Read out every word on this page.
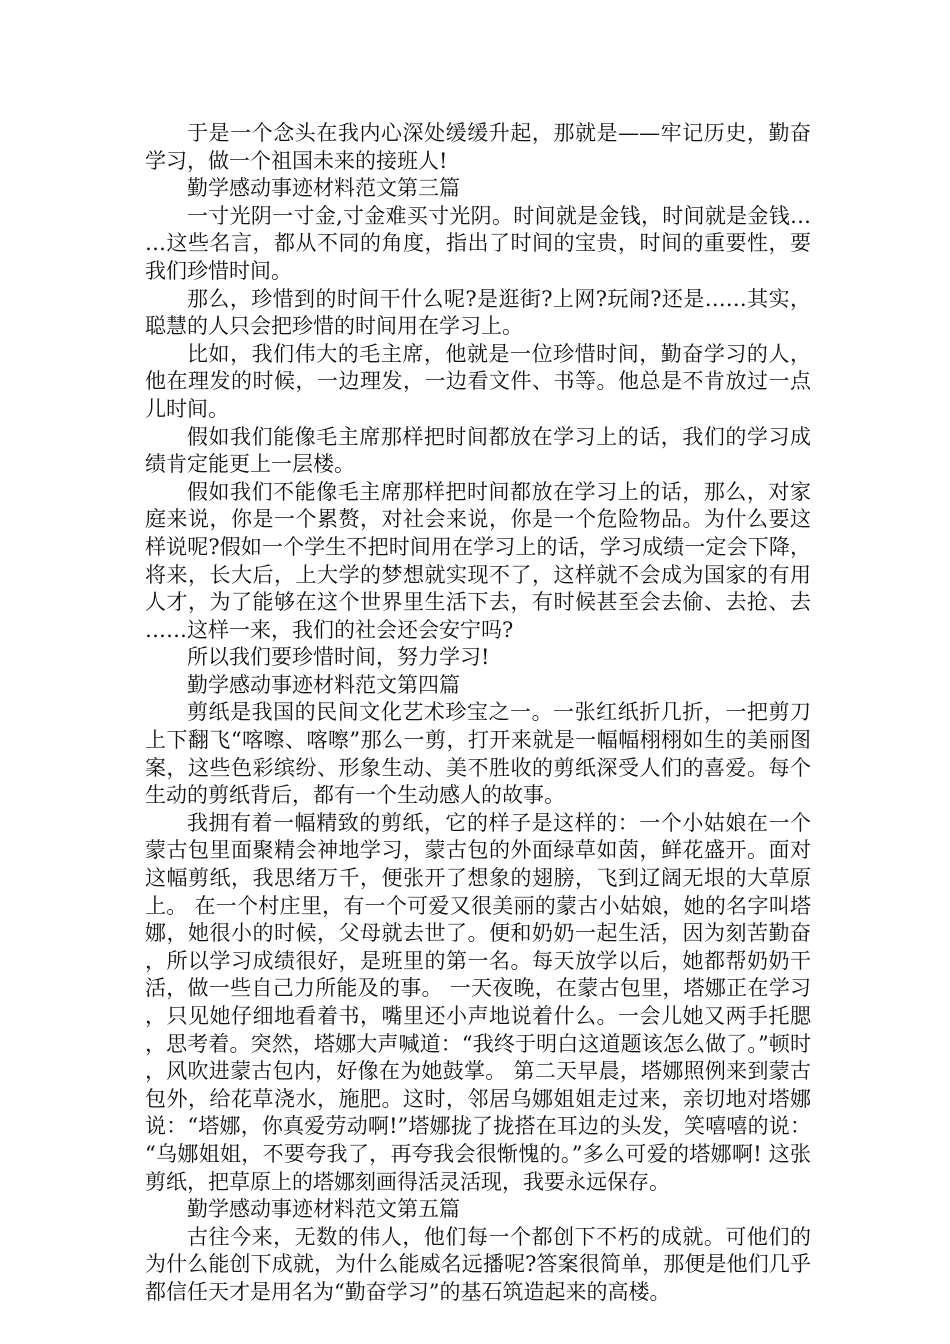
于是一个念头在我内心深处缓缓升起，那就是——牢记历史，勤奋学习，做一个祖国未来的接班人!

勤学感动事迹材料范文第三篇

一寸光阴一寸金,寸金难买寸光阴。时间就是金钱，时间就是金钱……这些名言，都从不同的角度，指出了时间的宝贵，时间的重要性，要我们珍惜时间。

那么，珍惜到的时间干什么呢?是逛街?上网?玩闹?还是……其实，聪慧的人只会把珍惜的时间用在学习上。

比如，我们伟大的毛主席，他就是一位珍惜时间，勤奋学习的人，他在理发的时候，一边理发，一边看文件、书等。他总是不肯放过一点儿时间。

假如我们能像毛主席那样把时间都放在学习上的话，我们的学习成绩肯定能更上一层楼。

假如我们不能像毛主席那样把时间都放在学习上的话，那么，对家庭来说，你是一个累赘，对社会来说，你是一个危险物品。为什么要这样说呢?假如一个学生不把时间用在学习上的话，学习成绩一定会下降，将来，长大后，上大学的梦想就实现不了，这样就不会成为国家的有用人才，为了能够在这个世界里生活下去，有时候甚至会去偷、去抢、去……这样一来，我们的社会还会安宁吗?

所以我们要珍惜时间，努力学习!

勤学感动事迹材料范文第四篇

剪纸是我国的民间文化艺术珍宝之一。一张红纸折几折，一把剪刀上下翻飞“喀嚓、喀嚓”那么一剪，打开来就是一幅幅栩栩如生的美丽图案，这些色彩缤纷、形象生动、美不胜收的剪纸深受人们的喜爱。每个生动的剪纸背后，都有一个生动感人的故事。

我拥有着一幅精致的剪纸，它的样子是这样的：一个小姑娘在一个蒙古包里面聚精会神地学习，蒙古包的外面绿草如茵，鲜花盛开。面对这幅剪纸，我思绪万千，便张开了想象的翅膀，飞到辽阔无垠的大草原上。 在一个村庄里，有一个可爱又很美丽的蒙古小姑娘，她的名字叫塔娜，她很小的时候，父母就去世了。便和奶奶一起生活，因为刻苦勤奋，所以学习成绩很好，是班里的第一名。每天放学以后，她都帮奶奶干活，做一些自己力所能及的事。 一天夜晚，在蒙古包里，塔娜正在学习，只见她仔细地看着书，嘴里还小声地说着什么。一会儿她又两手托腮，思考着。突然，塔娜大声喊道：“我终于明白这道题该怎么做了。”顿时，风吹进蒙古包内，好像在为她鼓掌。 第二天早晨，塔娜照例来到蒙古包外，给花草浇水，施肥。这时，邻居乌娜姐姐走过来，亲切地对塔娜说：“塔娜，你真爱劳动啊!”塔娜拢了拢搭在耳边的头发，笑嘻嘻的说：“乌娜姐姐，不要夸我了，再夸我会很惭愧的。”多么可爱的塔娜啊! 这张剪纸，把草原上的塔娜刻画得活灵活现，我要永远保存。

勤学感动事迹材料范文第五篇

古往今来，无数的伟人，他们每一个都创下不朽的成就。可他们的为什么能创下成就，为什么能威名远播呢?答案很简单，那便是他们几乎都信任天才是用名为“勤奋学习”的基石筑造起来的高楼。
